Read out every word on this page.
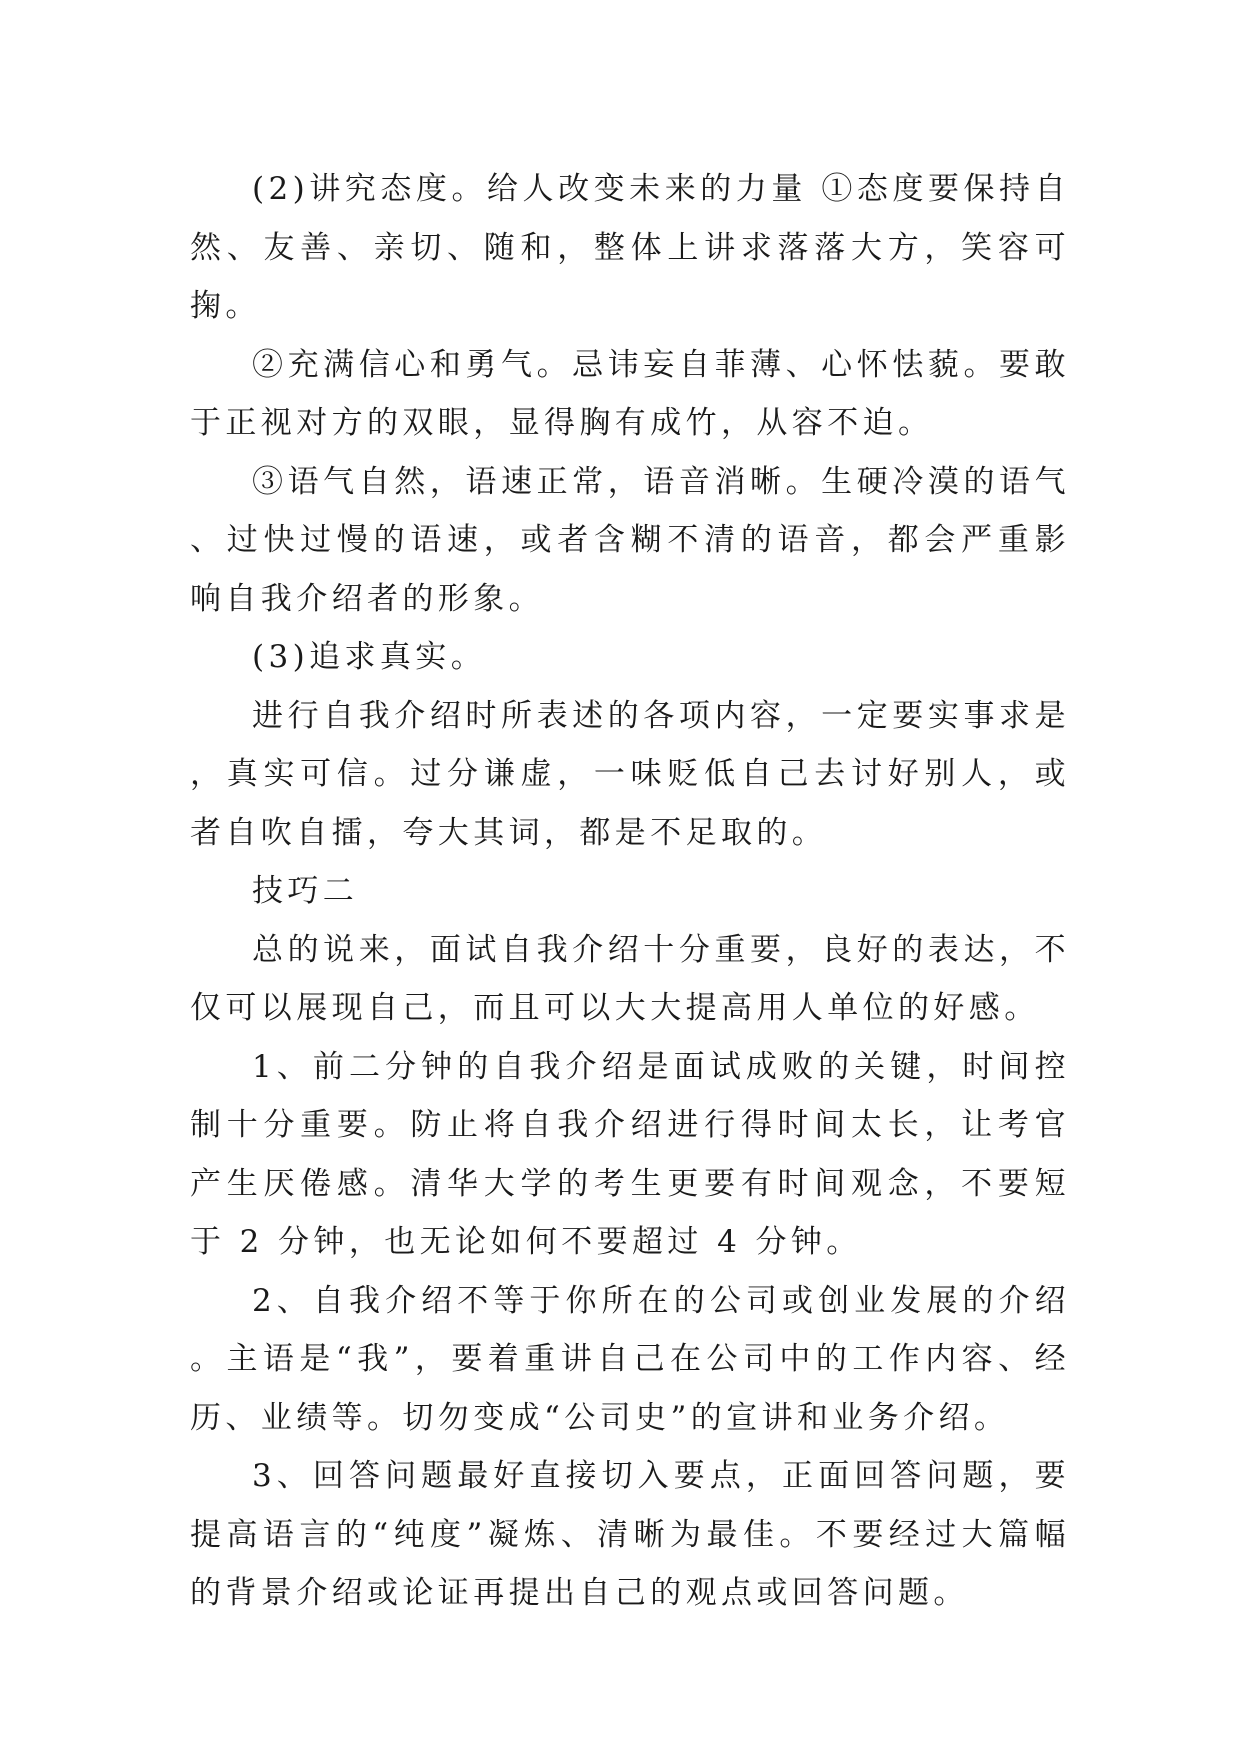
(2)讲究态度。给人改变未来的力量 ①态度要保持自然、友善、亲切、随和，整体上讲求落落大方，笑容可掬。

②充满信心和勇气。忌讳妄自菲薄、心怀怯藐。要敢于正视对方的双眼，显得胸有成竹，从容不迫。

③语气自然，语速正常，语音消晰。生硬冷漠的语气、过快过慢的语速，或者含糊不清的语音，都会严重影响自我介绍者的形象。

(3)追求真实。

进行自我介绍时所表述的各项内容，一定要实事求是，真实可信。过分谦虚，一味贬低自己去讨好别人，或者自吹自擂，夸大其词，都是不足取的。

技巧二

总的说来，面试自我介绍十分重要，良好的表达，不仅可以展现自己，而且可以大大提高用人单位的好感。

1、前二分钟的自我介绍是面试成败的关键，时间控制十分重要。防止将自我介绍进行得时间太长，让考官产生厌倦感。清华大学的考生更要有时间观念，不要短于 2 分钟，也无论如何不要超过 4 分钟。

2、自我介绍不等于你所在的公司或创业发展的介绍。主语是“我”，要着重讲自己在公司中的工作内容、经历、业绩等。切勿变成“公司史”的宣讲和业务介绍。

3、回答问题最好直接切入要点，正面回答问题，要提高语言的“纯度”凝炼、清晰为最佳。不要经过大篇幅的背景介绍或论证再提出自己的观点或回答问题。
